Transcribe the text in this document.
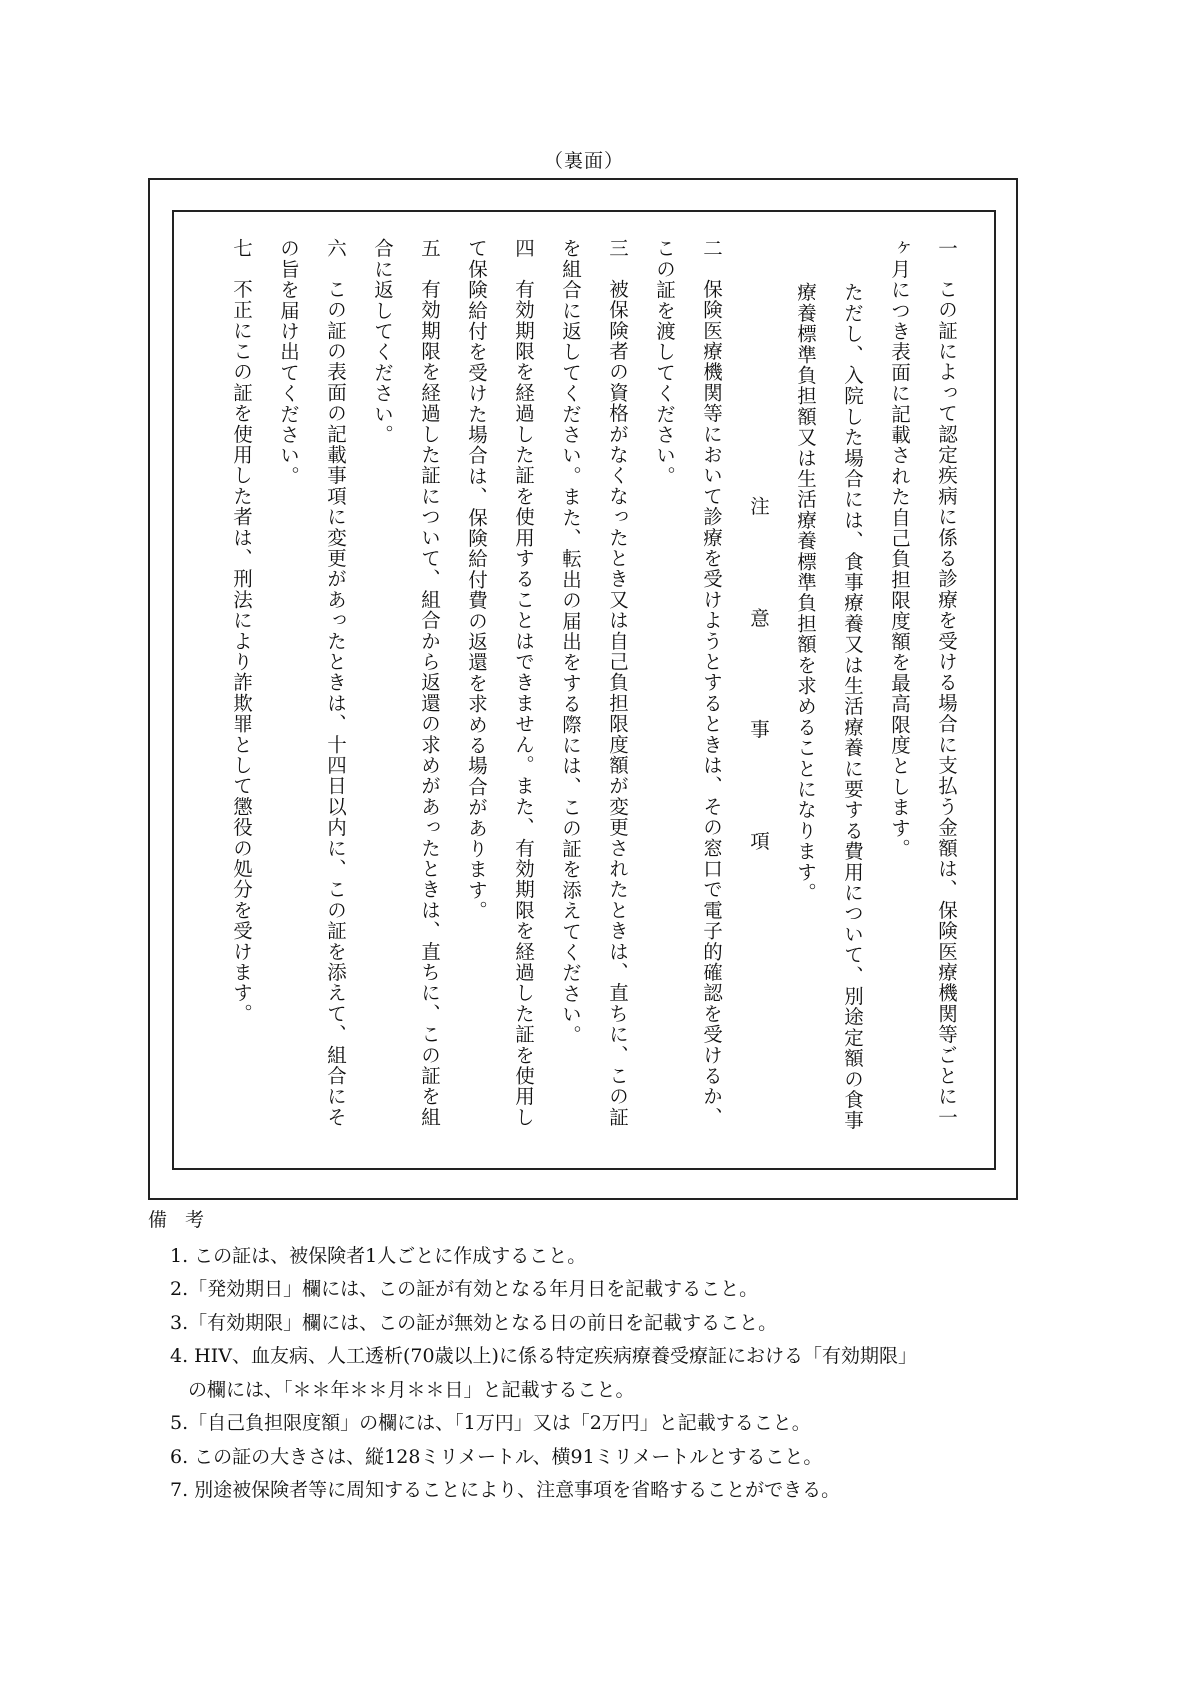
（裏面）
一この証によって認定疾病に係る診療を受ける場合に支払う金額は、保険医療機関等ごとに一ヶ月につき表面に記載された自己負担限度額を最高限度とします。
ただし、入院した場合には、食事療養又は生活療養に要する費用について、別途定額の食事療養標準負担額又は生活療養標準負担額を求めることになります。
注意事項
二保険医療機関等において診療を受けようとするときは、その窓口で電子的確認を受けるか、この証を渡してください。
三被保険者の資格がなくなったとき又は自己負担限度額が変更されたときは、直ちに、この証を組合に返してください。また、転出の届出をする際には、この証を添えてください。
四有効期限を経過した証を使用することはできません。また、有効期限を経過した証を使用して保険給付を受けた場合は、保険給付費の返還を求める場合があります。
五有効期限を経過した証について、組合から返還の求めがあったときは、直ちに、この証を組合に返してください。
六この証の表面の記載事項に変更があったときは、十四日以内に、この証を添えて、組合にその旨を届け出てください。
七不正にこの証を使用した者は、刑法により詐欺罪として懲役の処分を受けます。
備考
1. この証は、被保険者1人ごとに作成すること。
2.「発効期日」欄には、この証が有効となる年月日を記載すること。
3.「有効期限」欄には、この証が無効となる日の前日を記載すること。
4. HIV、血友病、人工透析(70歳以上)に係る特定疾病療養受療証における「有効期限」
の欄には、「＊＊年＊＊月＊＊日」と記載すること。
5.「自己負担限度額」の欄には、「1万円」又は「2万円」と記載すること。
6. この証の大きさは、縦128ミリメートル、横91ミリメートルとすること。
7. 別途被保険者等に周知することにより、注意事項を省略することができる。
